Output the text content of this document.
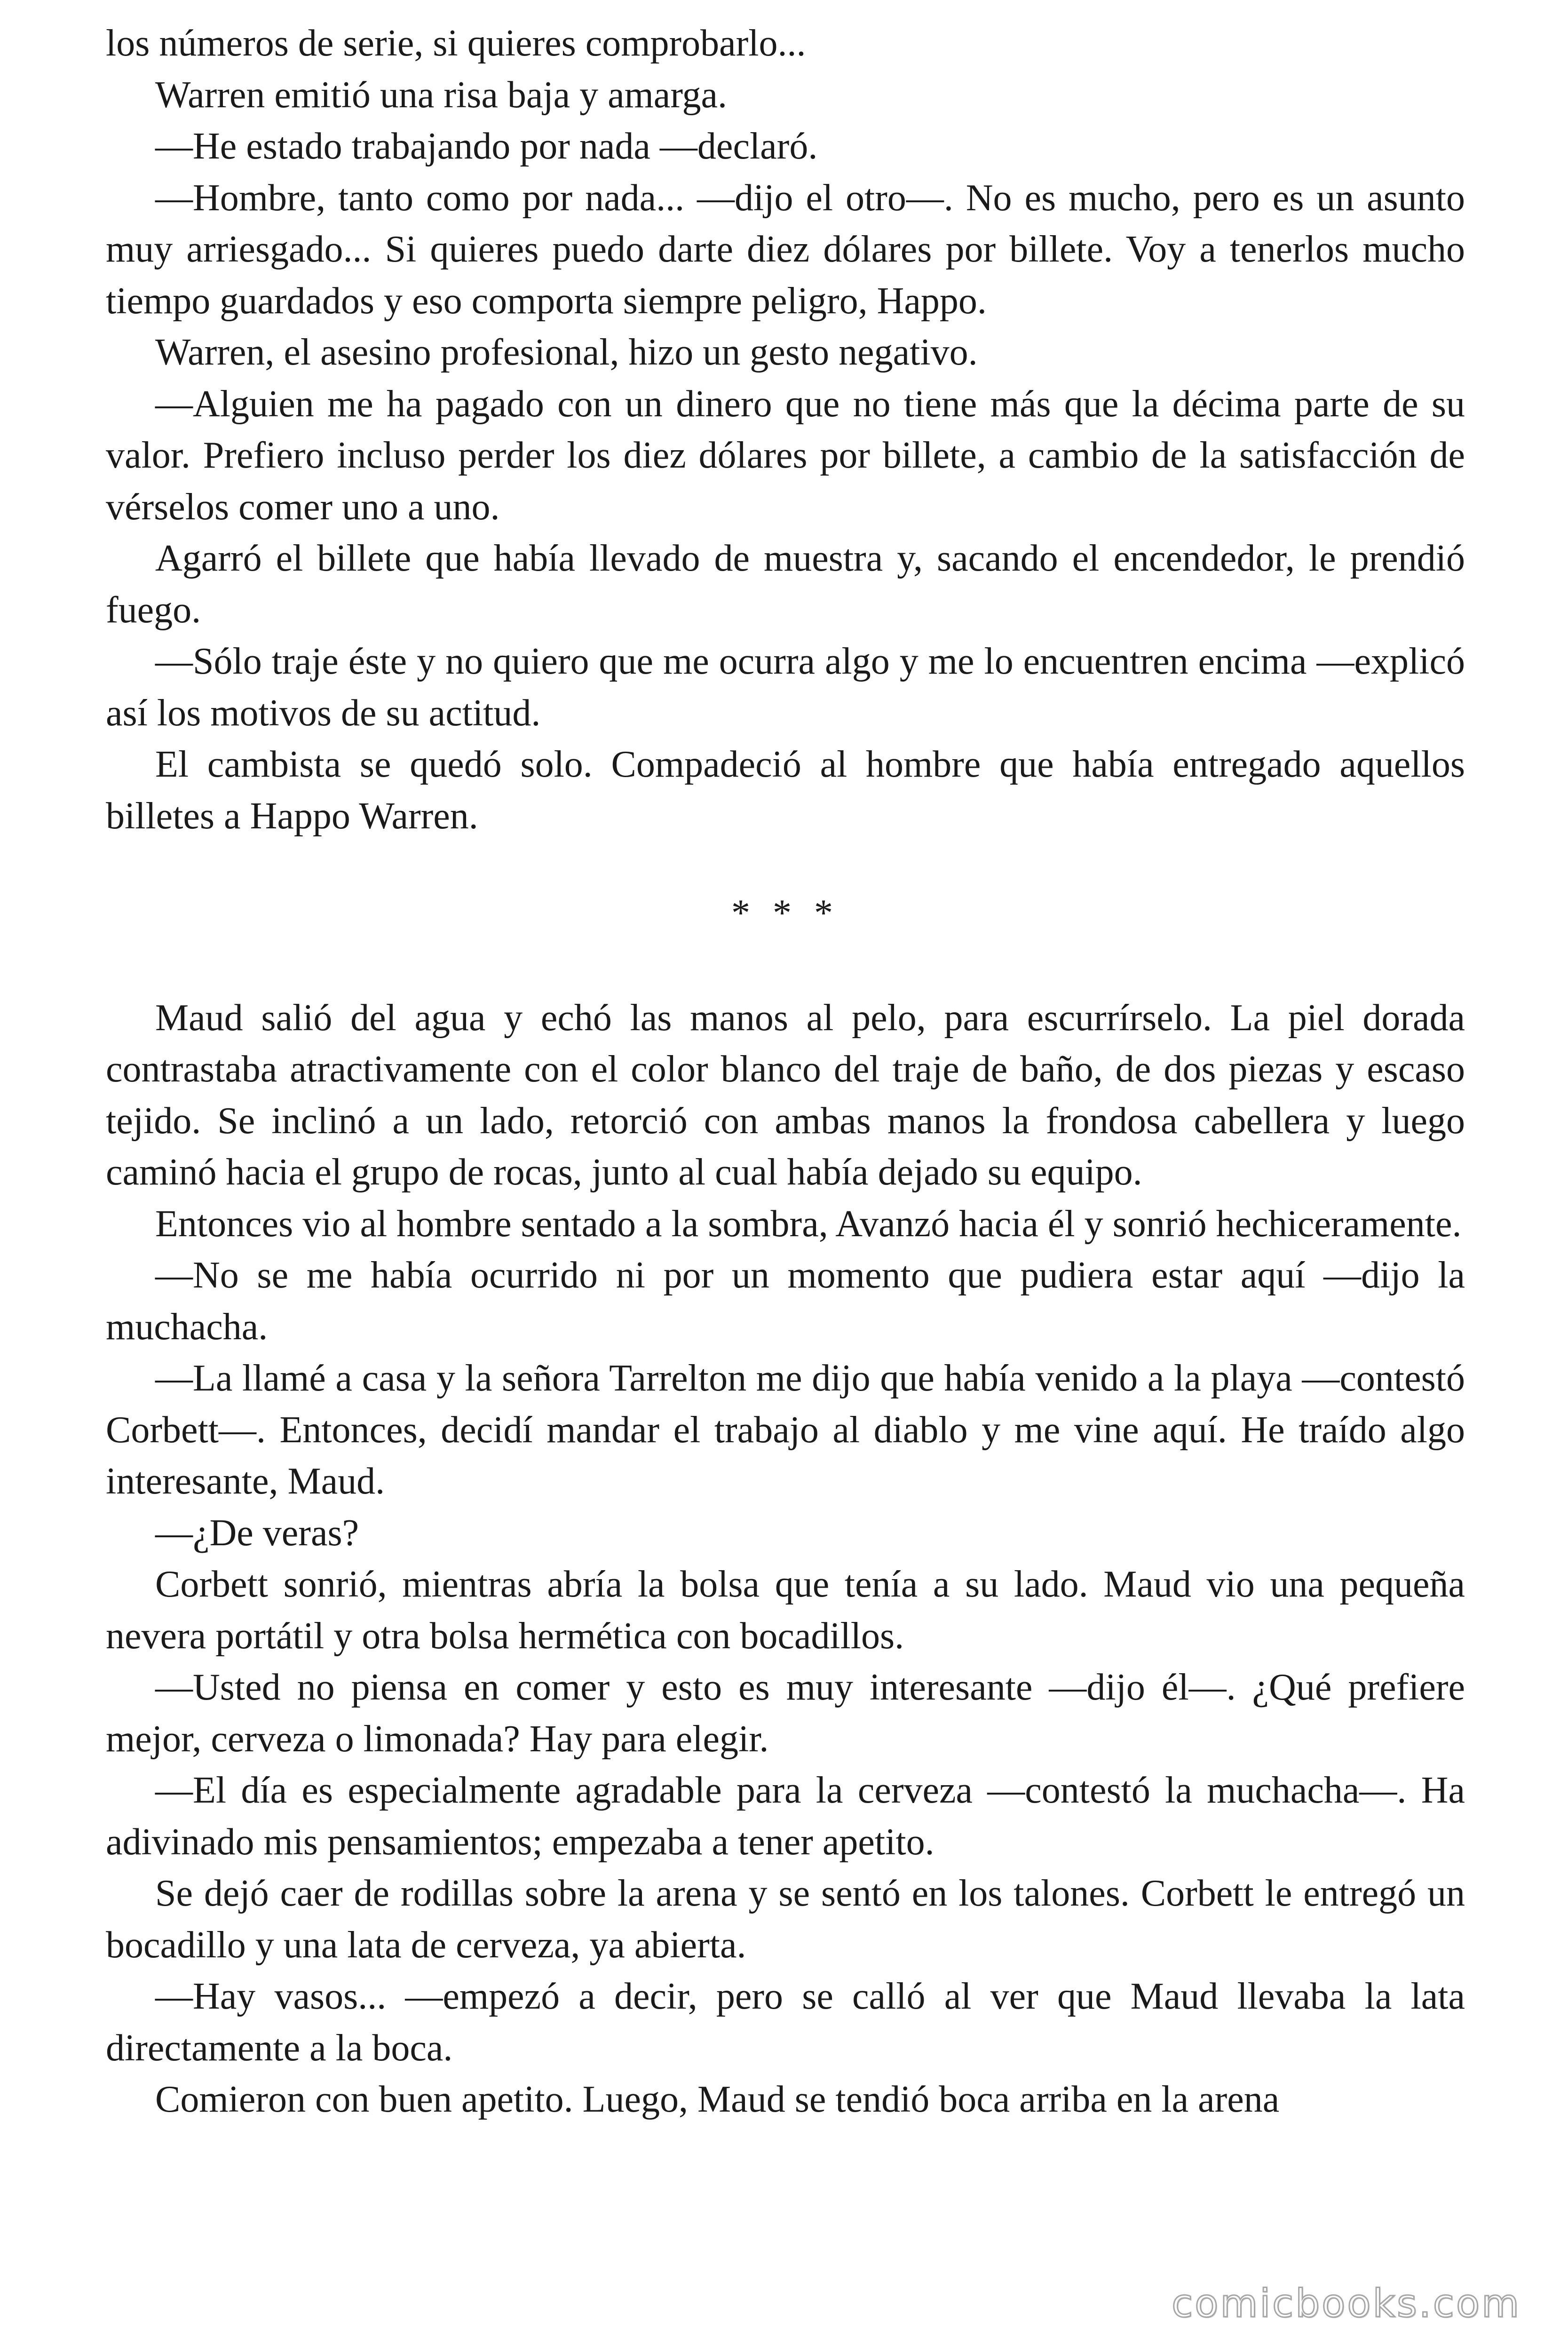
los números de serie, si quieres comprobarlo...

Warren emitió una risa baja y amarga.

—He estado trabajando por nada —declaró.

—Hombre, tanto como por nada... —dijo el otro—. No es mucho, pero es un asunto muy arriesgado... Si quieres puedo darte diez dólares por billete. Voy a tenerlos mucho tiempo guardados y eso comporta siempre peligro, Happo.

Warren, el asesino profesional, hizo un gesto negativo.

—Alguien me ha pagado con un dinero que no tiene más que la décima parte de su valor. Prefiero incluso perder los diez dólares por billete, a cambio de la satisfacción de vérselos comer uno a uno.

Agarró el billete que había llevado de muestra y, sacando el encendedor, le prendió fuego.

—Sólo traje éste y no quiero que me ocurra algo y me lo encuentren encima —explicó así los motivos de su actitud.

El cambista se quedó solo. Compadeció al hombre que había entregado aquellos billetes a Happo Warren.

* * *

Maud salió del agua y echó las manos al pelo, para escurrírselo. La piel dorada contrastaba atractivamente con el color blanco del traje de baño, de dos piezas y escaso tejido. Se inclinó a un lado, retorció con ambas manos la frondosa cabellera y luego caminó hacia el grupo de rocas, junto al cual había dejado su equipo.

Entonces vio al hombre sentado a la sombra, Avanzó hacia él y sonrió hechiceramente.

—No se me había ocurrido ni por un momento que pudiera estar aquí —dijo la muchacha.

—La llamé a casa y la señora Tarrelton me dijo que había venido a la playa —contestó Corbett—. Entonces, decidí mandar el trabajo al diablo y me vine aquí. He traído algo interesante, Maud.

—¿De veras?

Corbett sonrió, mientras abría la bolsa que tenía a su lado. Maud vio una pequeña nevera portátil y otra bolsa hermética con bocadillos.

—Usted no piensa en comer y esto es muy interesante —dijo él—. ¿Qué prefiere mejor, cerveza o limonada? Hay para elegir.

—El día es especialmente agradable para la cerveza —contestó la muchacha—. Ha adivinado mis pensamientos; empezaba a tener apetito.

Se dejó caer de rodillas sobre la arena y se sentó en los talones. Corbett le entregó un bocadillo y una lata de cerveza, ya abierta.

—Hay vasos... —empezó a decir, pero se calló al ver que Maud llevaba la lata directamente a la boca.

Comieron con buen apetito. Luego, Maud se tendió boca arriba en la arena

comicbooks.com
